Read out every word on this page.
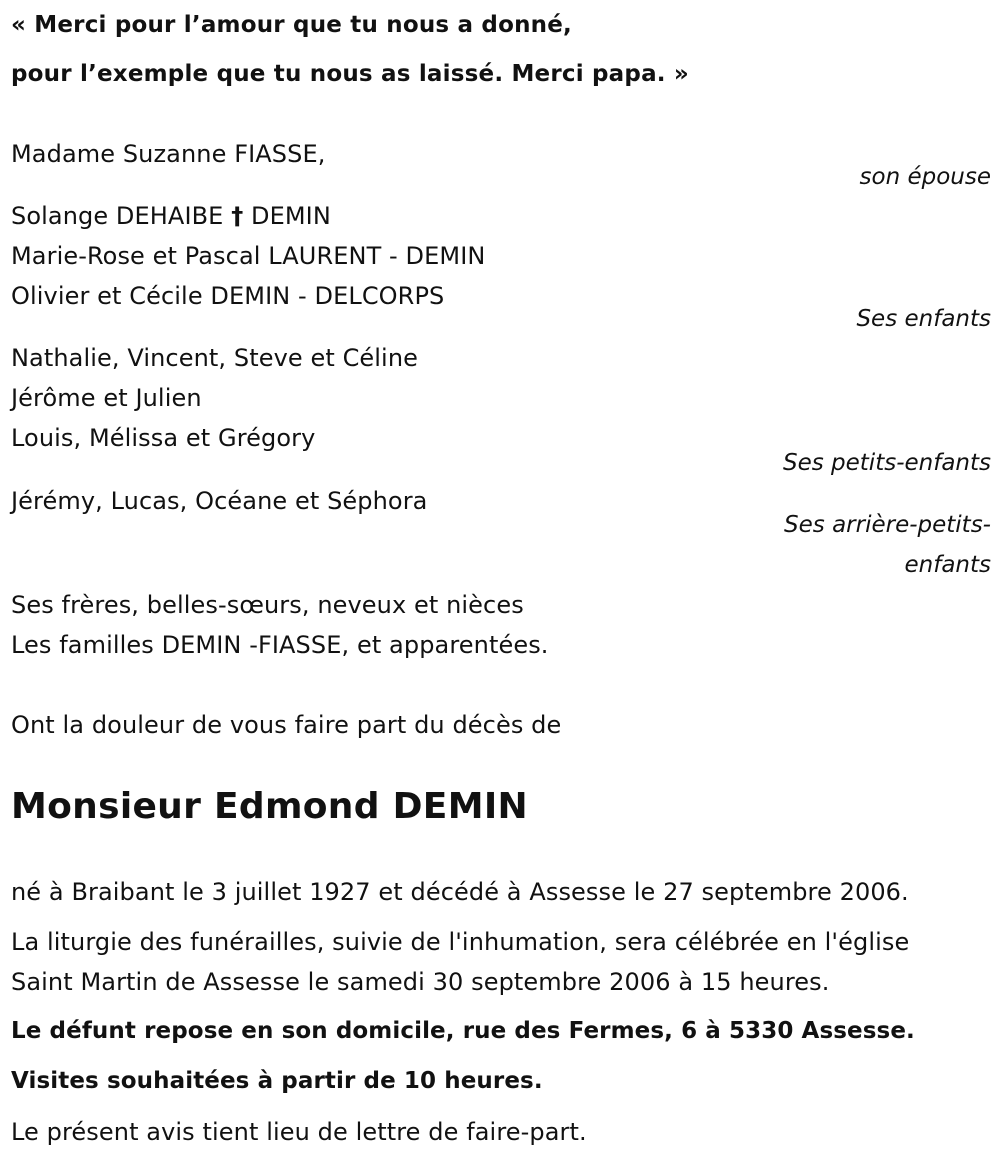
« Merci pour l’amour que tu nous a donné,
pour l’exemple que tu nous as laissé. Merci papa. »
Madame Suzanne FIASSE,
son épouse
Solange DEHAIBE † DEMIN
Marie-Rose et Pascal LAURENT - DEMIN
Olivier et Cécile DEMIN - DELCORPS
Ses enfants
Nathalie, Vincent, Steve et Céline
Jérôme et Julien
Louis, Mélissa et Grégory
Ses petits-enfants
Jérémy, Lucas, Océane et Séphora
Ses arrière-petits-
enfants
Ses frères, belles-sœurs, neveux et nièces
Les familles DEMIN -FIASSE, et apparentées.
Ont la douleur de vous faire part du décès de
Monsieur Edmond DEMIN
né à Braibant le 3 juillet 1927 et décédé à Assesse le 27 septembre 2006.
La liturgie des funérailles, suivie de l'inhumation, sera célébrée en l'église
Saint Martin de Assesse le samedi 30 septembre 2006 à 15 heures.
Le défunt repose en son domicile, rue des Fermes, 6 à 5330 Assesse.
Visites souhaitées à partir de 10 heures.
Le présent avis tient lieu de lettre de faire-part.
